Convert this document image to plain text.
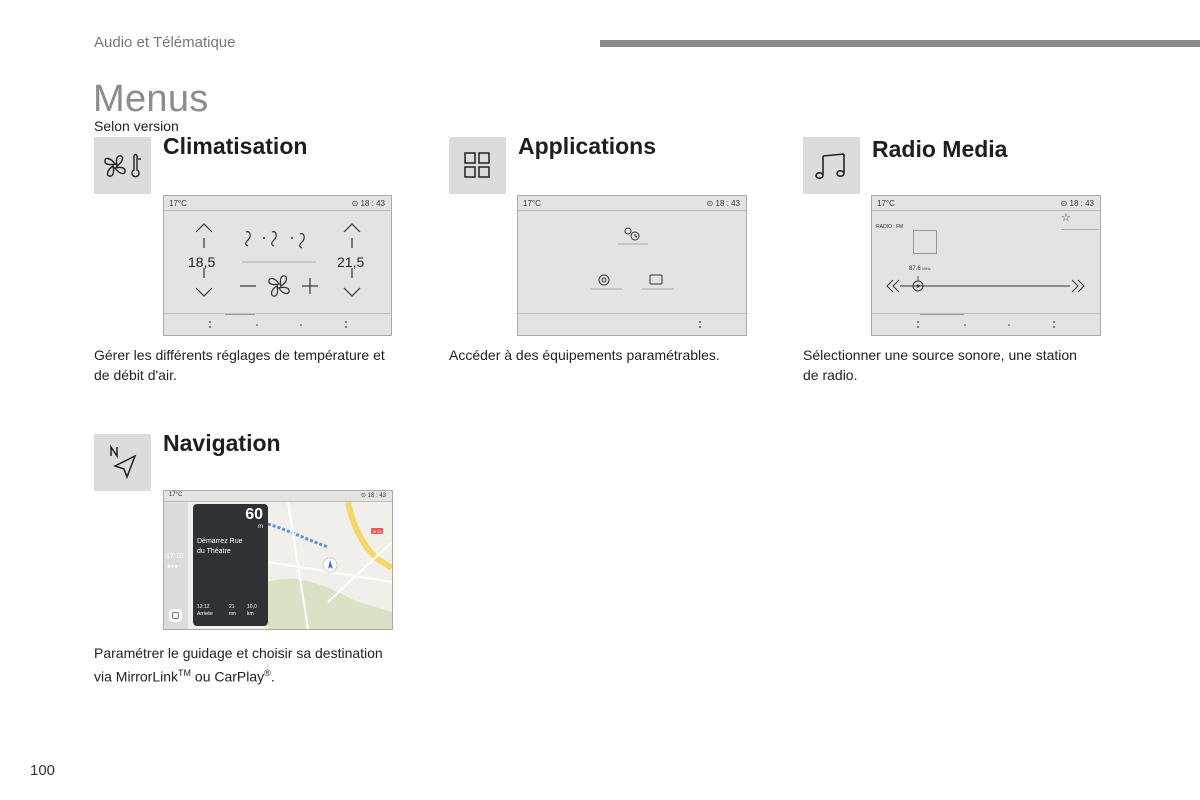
Audio et Télématique
Menus
Selon version
Climatisation
17°C	⊙ 18 : 43
18,5	21,5
Gérer les différents réglages de température et
de débit d'air.
Applications
17°C	⊙ 18 : 43
Accéder à des équipements paramétrables.
Radio Media
17°C	⊙ 18 : 43
RADIO : FM
☆
87.6 MHz
Sélectionner une source sonore, une station
de radio.
Navigation
17°C	⊙ 18 : 43
17:10
●●●
N 13
60
m
Démarrez Rue
du Théatre
12:12
Arrivée
21
mn
10,0
km
Paramétrer le guidage et choisir sa destination
via MirrorLink™ ou CarPlay®.
100
